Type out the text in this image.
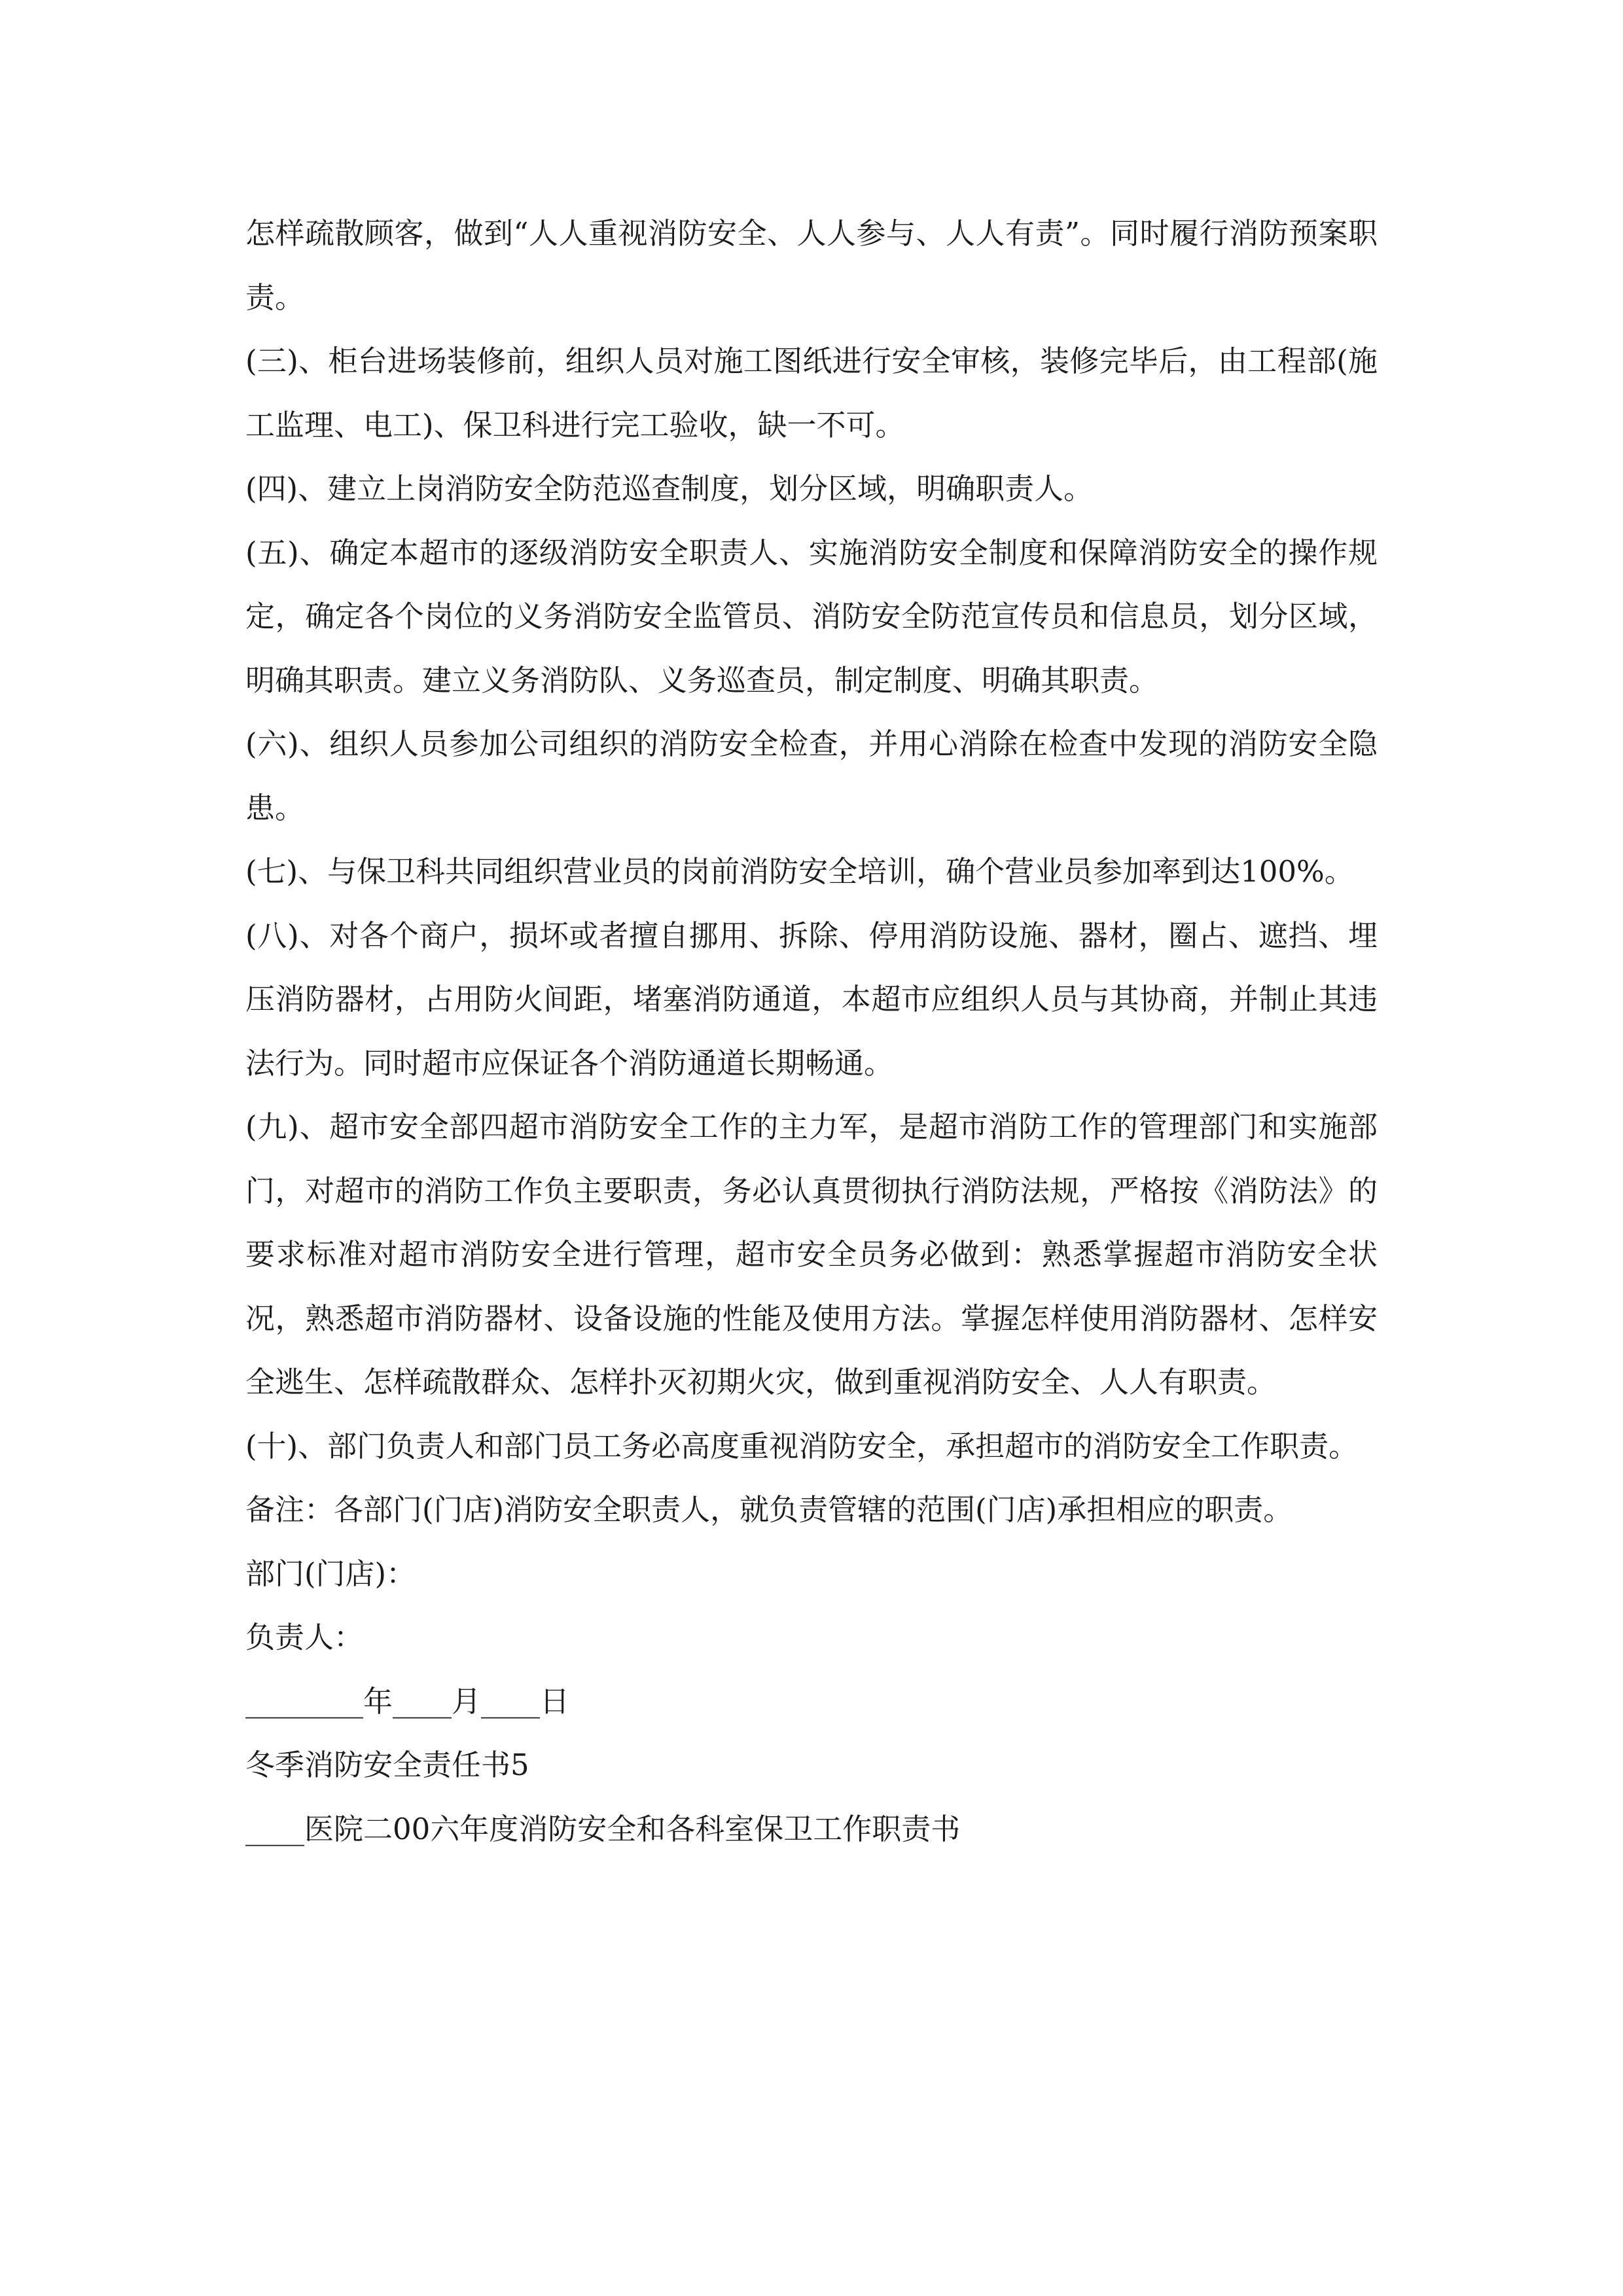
怎样疏散顾客，做到“人人重视消防安全、人人参与、人人有责”。同时履行消防预案职责。

(三)、柜台进场装修前，组织人员对施工图纸进行安全审核，装修完毕后，由工程部(施工监理、电工)、保卫科进行完工验收，缺一不可。

(四)、建立上岗消防安全防范巡查制度，划分区域，明确职责人。

(五)、确定本超市的逐级消防安全职责人、实施消防安全制度和保障消防安全的操作规定，确定各个岗位的义务消防安全监管员、消防安全防范宣传员和信息员，划分区域，明确其职责。建立义务消防队、义务巡查员，制定制度、明确其职责。

(六)、组织人员参加公司组织的消防安全检查，并用心消除在检查中发现的消防安全隐患。

(七)、与保卫科共同组织营业员的岗前消防安全培训，确个营业员参加率到达100%。

(八)、对各个商户，损坏或者擅自挪用、拆除、停用消防设施、器材，圈占、遮挡、埋压消防器材，占用防火间距，堵塞消防通道，本超市应组织人员与其协商，并制止其违法行为。同时超市应保证各个消防通道长期畅通。

(九)、超市安全部四超市消防安全工作的主力军，是超市消防工作的管理部门和实施部门，对超市的消防工作负主要职责，务必认真贯彻执行消防法规，严格按《消防法》的要求标准对超市消防安全进行管理，超市安全员务必做到：熟悉掌握超市消防安全状况，熟悉超市消防器材、设备设施的性能及使用方法。掌握怎样使用消防器材、怎样安全逃生、怎样疏散群众、怎样扑灭初期火灾，做到重视消防安全、人人有职责。

(十)、部门负责人和部门员工务必高度重视消防安全，承担超市的消防安全工作职责。

备注：各部门(门店)消防安全职责人，就负责管辖的范围(门店)承担相应的职责。

部门(门店)：

负责人：

________年____月____日

冬季消防安全责任书5

____医院二00六年度消防安全和各科室保卫工作职责书
